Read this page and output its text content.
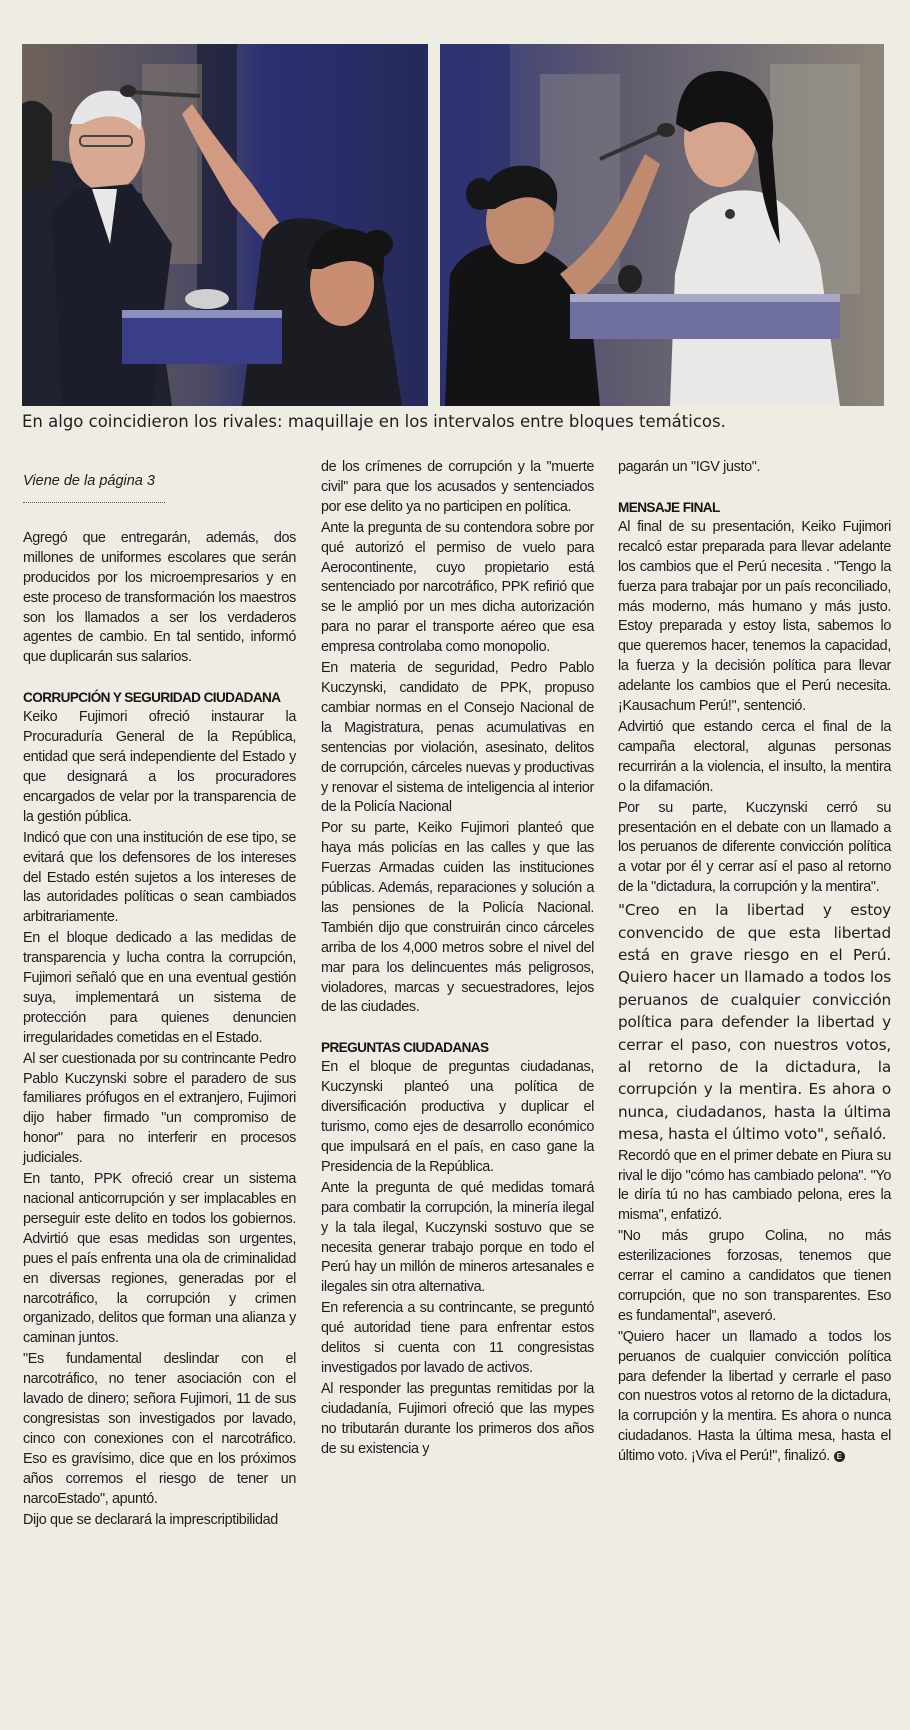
En algo coincidieron los rivales: maquillaje en los intervalos entre bloques temáticos.
Viene de la página 3

Agregó que entregarán, además, dos millones de uniformes escolares que serán producidos por los microempresarios y en este proceso de transformación los maestros son los llamados a ser los verdaderos agentes de cambio. En tal sentido, informó que duplicarán sus salarios.

CORRUPCIÓN Y SEGURIDAD CIUDADANA

Keiko Fujimori ofreció instaurar la Procuraduría General de la República, entidad que será independiente del Estado y que designará a los procuradores encargados de velar por la transparencia de la gestión pública.

Indicó que con una institución de ese tipo, se evitará que los defensores de los intereses del Estado estén sujetos a los intereses de las autoridades políticas o sean cambiados arbitrariamente.

En el bloque dedicado a las medidas de transparencia y lucha contra la corrupción, Fujimori señaló que en una eventual gestión suya, implementará un sistema de protección para quienes denuncien irregularidades cometidas en el Estado.

Al ser cuestionada por su contrincante Pedro Pablo Kuczynski sobre el paradero de sus familiares prófugos en el extranjero, Fujimori dijo haber firmado "un compromiso de honor" para no interferir en procesos judiciales.

En tanto, PPK ofreció crear un sistema nacional anticorrupción y ser implacables en perseguir este delito en todos los gobiernos. Advirtió que esas medidas son urgentes, pues el país enfrenta una ola de criminalidad en diversas regiones, generadas por el narcotráfico, la corrupción y crimen organizado, delitos que forman una alianza y caminan juntos.

"Es fundamental deslindar con el narcotráfico, no tener asociación con el lavado de dinero; señora Fujimori, 11 de sus congresistas son investigados por lavado, cinco con conexiones con el narcotráfico. Eso es gravísimo, dice que en los próximos años corremos el riesgo de tener un narcoEstado", apuntó.

Dijo que se declarará la imprescriptibilidad

de los crímenes de corrupción y la "muerte civil" para que los acusados y sentenciados por ese delito ya no participen en política.

Ante la pregunta de su contendora sobre por qué autorizó el permiso de vuelo para Aerocontinente, cuyo propietario está sentenciado por narcotráfico, PPK refirió que se le amplió por un mes dicha autorización para no parar el transporte aéreo que esa empresa controlaba como monopolio.

En materia de seguridad, Pedro Pablo Kuczynski, candidato de PPK, propuso cambiar normas en el Consejo Nacional de la Magistratura, penas acumulativas en sentencias por violación, asesinato, delitos de corrupción, cárceles nuevas y productivas y renovar el sistema de inteligencia al interior de la Policía Nacional

Por su parte, Keiko Fujimori planteó que haya más policías en las calles y que las Fuerzas Armadas cuiden las instituciones públicas. Además, reparaciones y solución a las pensiones de la Policía Nacional. También dijo que construirán cinco cárceles arriba de los 4,000 metros sobre el nivel del mar para los delincuentes más peligrosos, violadores, marcas y secuestradores, lejos de las ciudades.

PREGUNTAS CIUDADANAS

En el bloque de preguntas ciudadanas, Kuczynski planteó una política de diversificación productiva y duplicar el turismo, como ejes de desarrollo económico que impulsará en el país, en caso gane la Presidencia de la República.

Ante la pregunta de qué medidas tomará para combatir la corrupción, la minería ilegal y la tala ilegal, Kuczynski sostuvo que se necesita generar trabajo porque en todo el Perú hay un millón de mineros artesanales e ilegales sin otra alternativa.

En referencia a su contrincante, se preguntó qué autoridad tiene para enfrentar estos delitos si cuenta con 11 congresistas investigados por lavado de activos.

Al responder las preguntas remitidas por la ciudadanía, Fujimori ofreció que las mypes no tributarán durante los primeros dos años de su existencia y

pagarán un "IGV justo".

MENSAJE FINAL

Al final de su presentación, Keiko Fujimori recalcó estar preparada para llevar adelante los cambios que el Perú necesita . "Tengo la fuerza para trabajar por un país reconciliado, más moderno, más humano y más justo. Estoy preparada y estoy lista, sabemos lo que queremos hacer, tenemos la capacidad, la fuerza y la decisión política para llevar adelante los cambios que el Perú necesita. ¡Kausachum Perú!", sentenció.

Advirtió que estando cerca el final de la campaña electoral, algunas personas recurrirán a la violencia, el insulto, la mentira o la difamación.

Por su parte, Kuczynski cerró su presentación en el debate con un llamado a los peruanos de diferente convicción política a votar por él y cerrar así el paso al retorno de la "dictadura, la corrupción y la mentira".

"Creo en la libertad y estoy convencido de que esta libertad está en grave riesgo en el Perú. Quiero hacer un llamado a todos los peruanos de cualquier convicción política para defender la libertad y cerrar el paso, con nuestros votos, al retorno de la dictadura, la corrupción y la mentira. Es ahora o nunca, ciudadanos, hasta la última mesa, hasta el último voto", señaló.

Recordó que en el primer debate en Piura su rival le dijo "cómo has cambiado pelona". "Yo le diría tú no has cambiado pelona, eres la misma", enfatizó.

"No más grupo Colina, no más esterilizaciones forzosas, tenemos que cerrar el camino a candidatos que tienen corrupción, que no son transparentes. Eso es fundamental", aseveró.

"Quiero hacer un llamado a todos los peruanos de cualquier convicción política para defender la libertad y cerrarle el paso con nuestros votos al retorno de la dictadura, la corrupción y la mentira. Es ahora o nunca ciudadanos. Hasta la última mesa, hasta el último voto. ¡Viva el Perú!", finalizó. E
